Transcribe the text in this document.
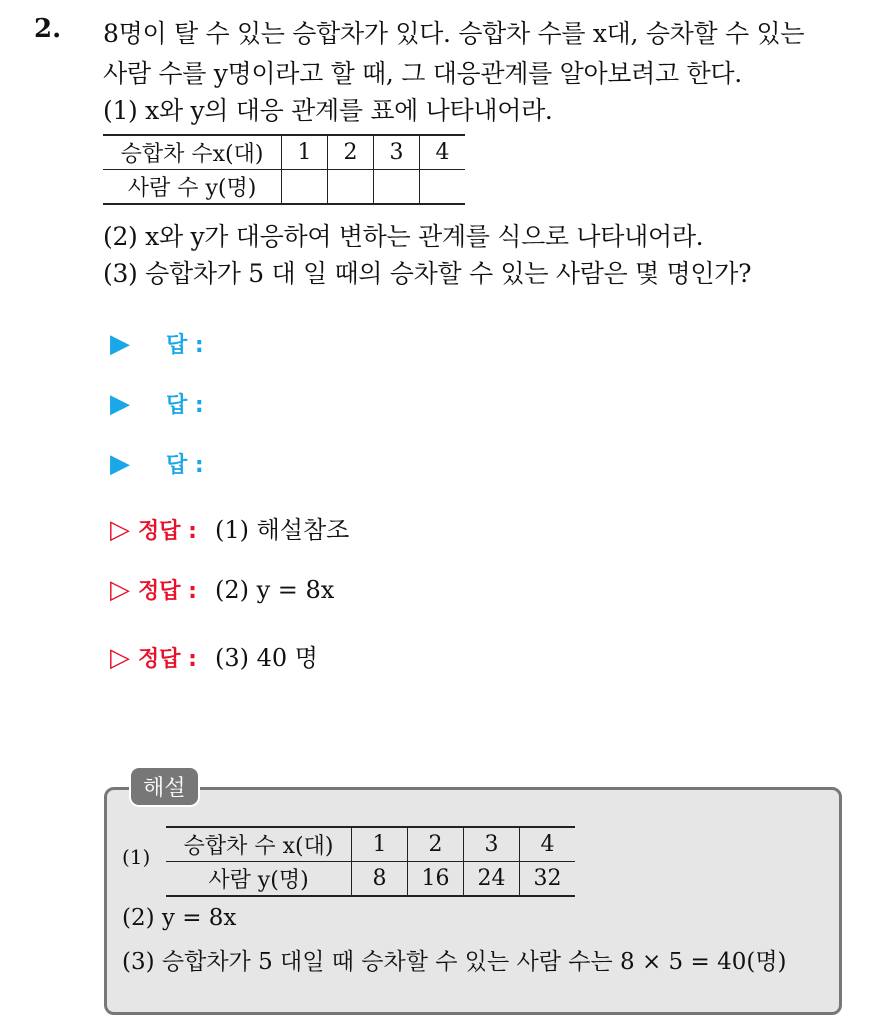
2. 8명이 탈 수 있는 승합차가 있다. 승합차 수를 x대, 승차할 수 있는
사람 수를 y명이라고 할 때, 그 대응관계를 알아보려고 한다.
(1) x와 y의 대응 관계를 표에 나타내어라.
승합차 수x(대)	1	2	3	4
사람 수 y(명)				
(2) x와 y가 대응하여 변하는 관계를 식으로 나타내어라.
(3) 승합차가 5 대 일 때의 승차할 수 있는 사람은 몇 명인가?
▶ 답 :
▶ 답 :
▶ 답 :
▷ 정답 : (1) 해설참조
▷ 정답 : (2) y = 8x
▷ 정답 : (3) 40 명
해설
(1) 승합차 수 x(대)	1	2	3	4
사람 y(명)	8	16	24	32
(2) y = 8x
(3) 승합차가 5 대일 때 승차할 수 있는 사람 수는 8 × 5 = 40(명)
